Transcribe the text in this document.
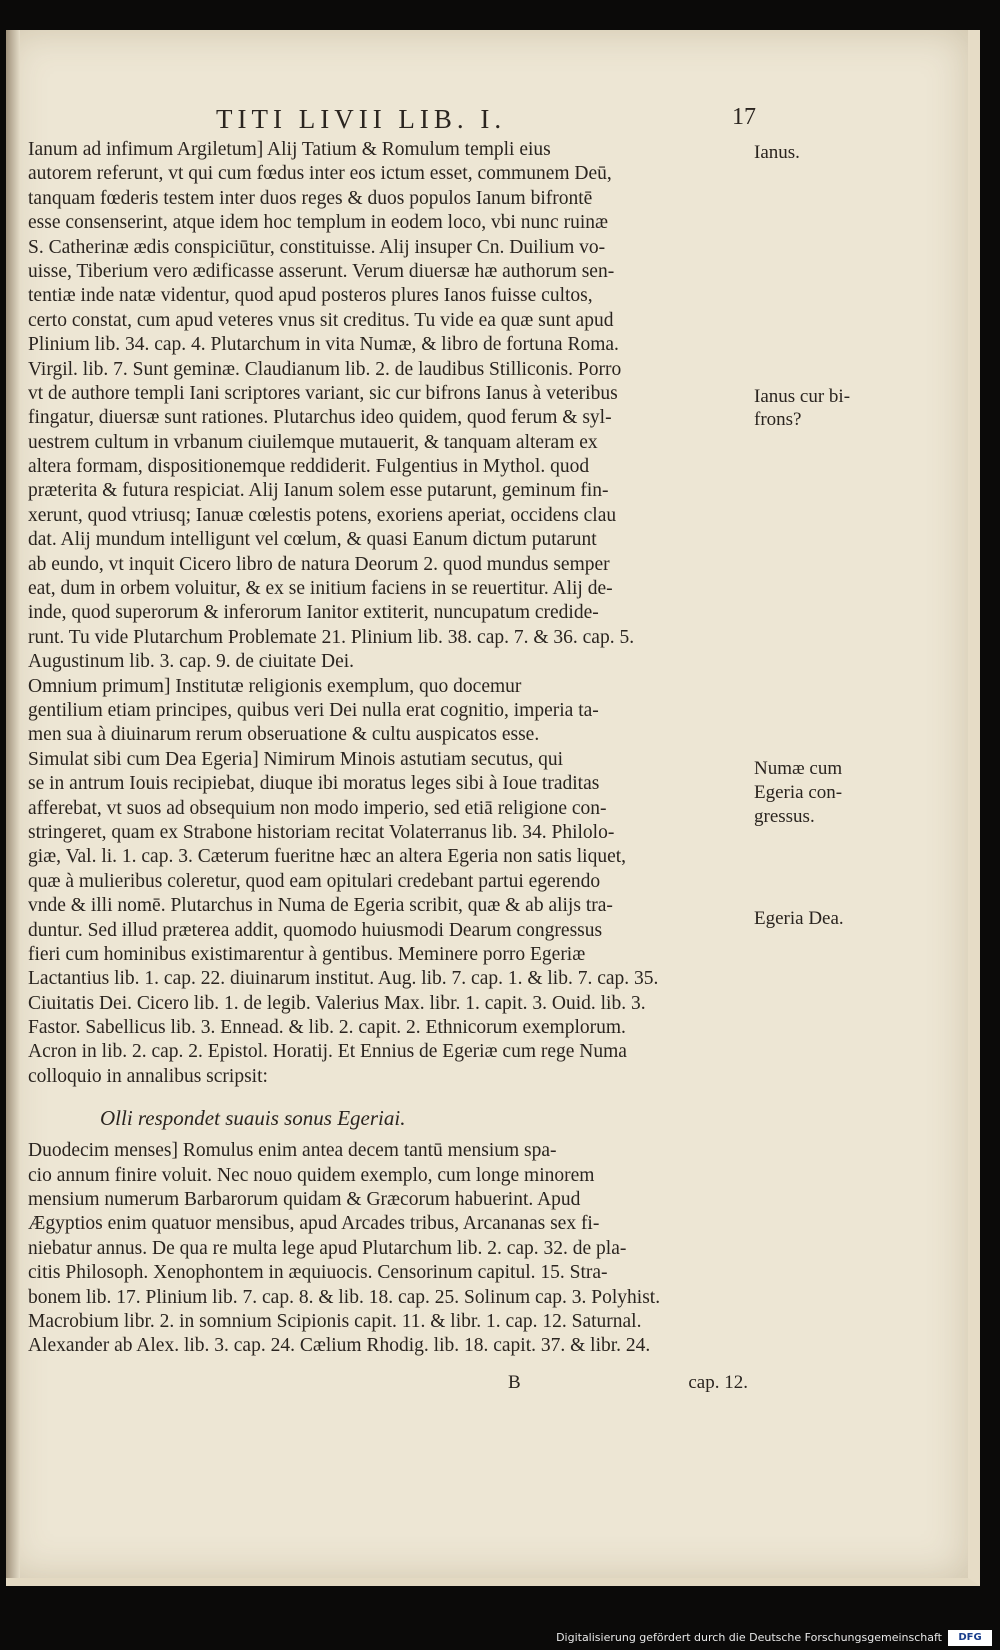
TITI LIVII LIB. I.	17

Ianum ad infimum Argiletum] Alij Tatium & Romulum templi eius
autorem referunt, vt qui cum fœdus inter eos ictum esset, communem Deū,
tanquam fœderis testem inter duos reges & duos populos Ianum bifrontē
esse consenserint, atque idem hoc templum in eodem loco, vbi nunc ruinæ
S. Catherinæ ædis conspiciūtur, constituisse. Alij insuper Cn. Duilium vo-
uisse, Tiberium vero ædificasse asserunt. Verum diuersæ hæ authorum sen-
tentiæ inde natæ videntur, quod apud posteros plures Ianos fuisse cultos,
certo constat, cum apud veteres vnus sit creditus. Tu vide ea quæ sunt apud
Plinium lib. 34. cap. 4. Plutarchum in vita Numæ, & libro de fortuna Roma.
Virgil. lib. 7. Sunt geminæ. Claudianum lib. 2. de laudibus Stilliconis. Porro
vt de authore templi Iani scriptores variant, sic cur bifrons Ianus à veteribus
fingatur, diuersæ sunt rationes. Plutarchus ideo quidem, quod ferum & syl-
uestrem cultum in vrbanum ciuilemque mutauerit, & tanquam alteram ex
altera formam, dispositionemque reddiderit. Fulgentius in Mythol. quod
præterita & futura respiciat. Alij Ianum solem esse putarunt, geminum fin-
xerunt, quod vtriusq; Ianuæ cœlestis potens, exoriens aperiat, occidens clau
dat. Alij mundum intelligunt vel cœlum, & quasi Eanum dictum putarunt
ab eundo, vt inquit Cicero libro de natura Deorum 2. quod mundus semper
eat, dum in orbem voluitur, & ex se initium faciens in se reuertitur. Alij de-
inde, quod superorum & inferorum Ianitor extiterit, nuncupatum credide-
runt. Tu vide Plutarchum Problemate 21. Plinium lib. 38. cap. 7. & 36. cap. 5.
Augustinum lib. 3. cap. 9. de ciuitate Dei.

Omnium primum] Institutæ religionis exemplum, quo docemur
gentilium etiam principes, quibus veri Dei nulla erat cognitio, imperia ta-
men sua à diuinarum rerum obseruatione & cultu auspicatos esse.

Simulat sibi cum Dea Egeria] Nimirum Minois astutiam secutus, qui
se in antrum Iouis recipiebat, diuque ibi moratus leges sibi à Ioue traditas
afferebat, vt suos ad obsequium non modo imperio, sed etiā religione con-
stringeret, quam ex Strabone historiam recitat Volaterranus lib. 34. Philolo-
giæ, Val. li. 1. cap. 3. Cæterum fueritne hæc an altera Egeria non satis liquet,
quæ à mulieribus coleretur, quod eam opitulari credebant partui egerendo
vnde & illi nomē. Plutarchus in Numa de Egeria scribit, quæ & ab alijs tra-
duntur. Sed illud præterea addit, quomodo huiusmodi Dearum congressus
fieri cum hominibus existimarentur à gentibus. Meminere porro Egeriæ
Lactantius lib. 1. cap. 22. diuinarum institut. Aug. lib. 7. cap. 1. & lib. 7. cap. 35.
Ciuitatis Dei. Cicero lib. 1. de legib. Valerius Max. libr. 1. capit. 3. Ouid. lib. 3.
Fastor. Sabellicus lib. 3. Ennead. & lib. 2. capit. 2. Ethnicorum exemplorum.
Acron in lib. 2. cap. 2. Epistol. Horatij. Et Ennius de Egeriæ cum rege Numa
colloquio in annalibus scripsit:

Olli respondet suauis sonus Egeriai.

Duodecim menses] Romulus enim antea decem tantū mensium spa-
cio annum finire voluit. Nec nouo quidem exemplo, cum longe minorem
mensium numerum Barbarorum quidam & Græcorum habuerint. Apud
Ægyptios enim quatuor mensibus, apud Arcades tribus, Arcananas sex fi-
niebatur annus. De qua re multa lege apud Plutarchum lib. 2. cap. 32. de pla-
citis Philosoph. Xenophontem in æquiuocis. Censorinum capitul. 15. Stra-
bonem lib. 17. Plinium lib. 7. cap. 8. & lib. 18. cap. 25. Solinum cap. 3. Polyhist.
Macrobium libr. 2. in somnium Scipionis capit. 11. & libr. 1. cap. 12. Saturnal.
Alexander ab Alex. lib. 3. cap. 24. Cælium Rhodig. lib. 18. capit. 37. & libr. 24.

Ianus.
Ianus cur bi-
frons?
Numæ cum
Egeria con-
gressus.
Egeria Dea.
B	cap. 12.
Digitalisierung gefördert durch die Deutsche Forschungsgemeinschaft	DFG
